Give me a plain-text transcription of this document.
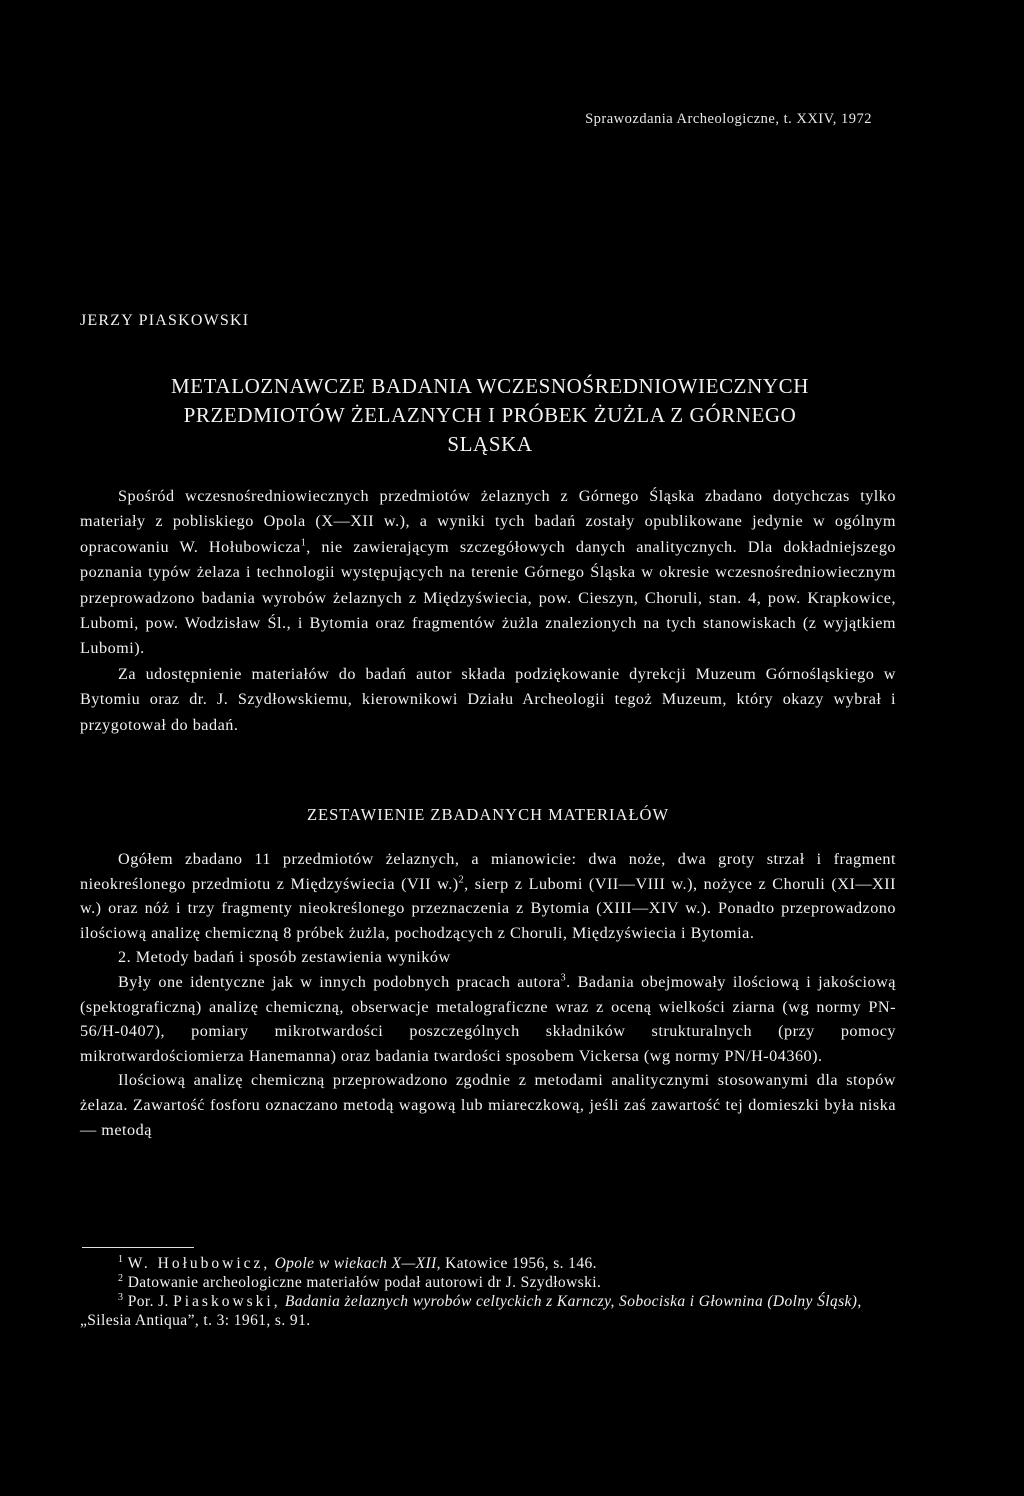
Sprawozdania Archeologiczne, t. XXIV, 1972
JERZY PIASKOWSKI
METALOZNAWCZE BADANIA WCZESNOŚREDNIOWIECZNYCH
PRZEDMIOTÓW ŻELAZNYCH I PRÓBEK ŻUŻLA Z GÓRNEGO
SLĄSKA

Spośród wczesnośredniowiecznych przedmiotów żelaznych z Górnego Śląska zbadano dotychczas tylko materiały z pobliskiego Opola (X—XII w.), a wyniki tych badań zostały opublikowane jedynie w ogólnym opracowaniu W. Hołubowicza$^1$, nie zawierającym szczegółowych danych analitycznych. Dla dokładniejszego poznania typów żelaza i technologii występujących na terenie Górnego Śląska w okresie wczesnośredniowiecznym przeprowadzono badania wyrobów żelaznych z Międzyświecia, pow. Cieszyn, Choruli, stan. 4, pow. Krapkowice, Lubomi, pow. Wodzisław Śl., i Bytomia oraz fragmentów żużla znalezionych na tych stanowiskach (z wyjątkiem Lubomi).

Za udostępnienie materiałów do badań autor składa podziękowanie dyrekcji Muzeum Górnośląskiego w Bytomiu oraz dr. J. Szydłowskiemu, kierownikowi Działu Archeologii tegoż Muzeum, który okazy wybrał i przygotował do badań.

ZESTAWIENIE ZBADANYCH MATERIAŁÓW

Ogółem zbadano 11 przedmiotów żelaznych, a mianowicie: dwa noże, dwa groty strzał i fragment nieokreślonego przedmiotu z Międzyświecia (VII w.)$^2$, sierp z Lubomi (VII—VIII w.), nożyce z Choruli (XI—XII w.) oraz nóż i trzy fragmenty nieokreślonego przeznaczenia z Bytomia (XIII—XIV w.). Ponadto przeprowadzono ilościową analizę chemiczną 8 próbek żużla, pochodzących z Choruli, Międzyświecia i Bytomia.

2. Metody badań i sposób zestawienia wyników

Były one identyczne jak w innych podobnych pracach autora$^3$. Badania obejmowały ilościową i jakościową (spektograficzną) analizę chemiczną, obserwacje metalograficzne wraz z oceną wielkości ziarna (wg normy PN-56/H-0407), pomiary mikrotwardości poszczególnych składników strukturalnych (przy pomocy mikrotwardościomierza Hanemanna) oraz badania twardości sposobem Vickersa (wg normy PN/H-04360).

Ilościową analizę chemiczną przeprowadzono zgodnie z metodami analitycznymi stosowanymi dla stopów żelaza. Zawartość fosforu oznaczano metodą wagową lub miareczkową, jeśli zaś zawartość tej domieszki była niska — metodą

$^1$ W. Hołubowicz, Opole w wiekach X—XII, Katowice 1956, s. 146.

$^2$ Datowanie archeologiczne materiałów podał autorowi dr J. Szydłowski.

$^3$ Por. J. Piaskowski, Badania żelaznych wyrobów celtyckich z Karnczy, Sobociska i Głownina (Dolny Śląsk), „Silesia Antiqua”, t. 3: 1961, s. 91.
